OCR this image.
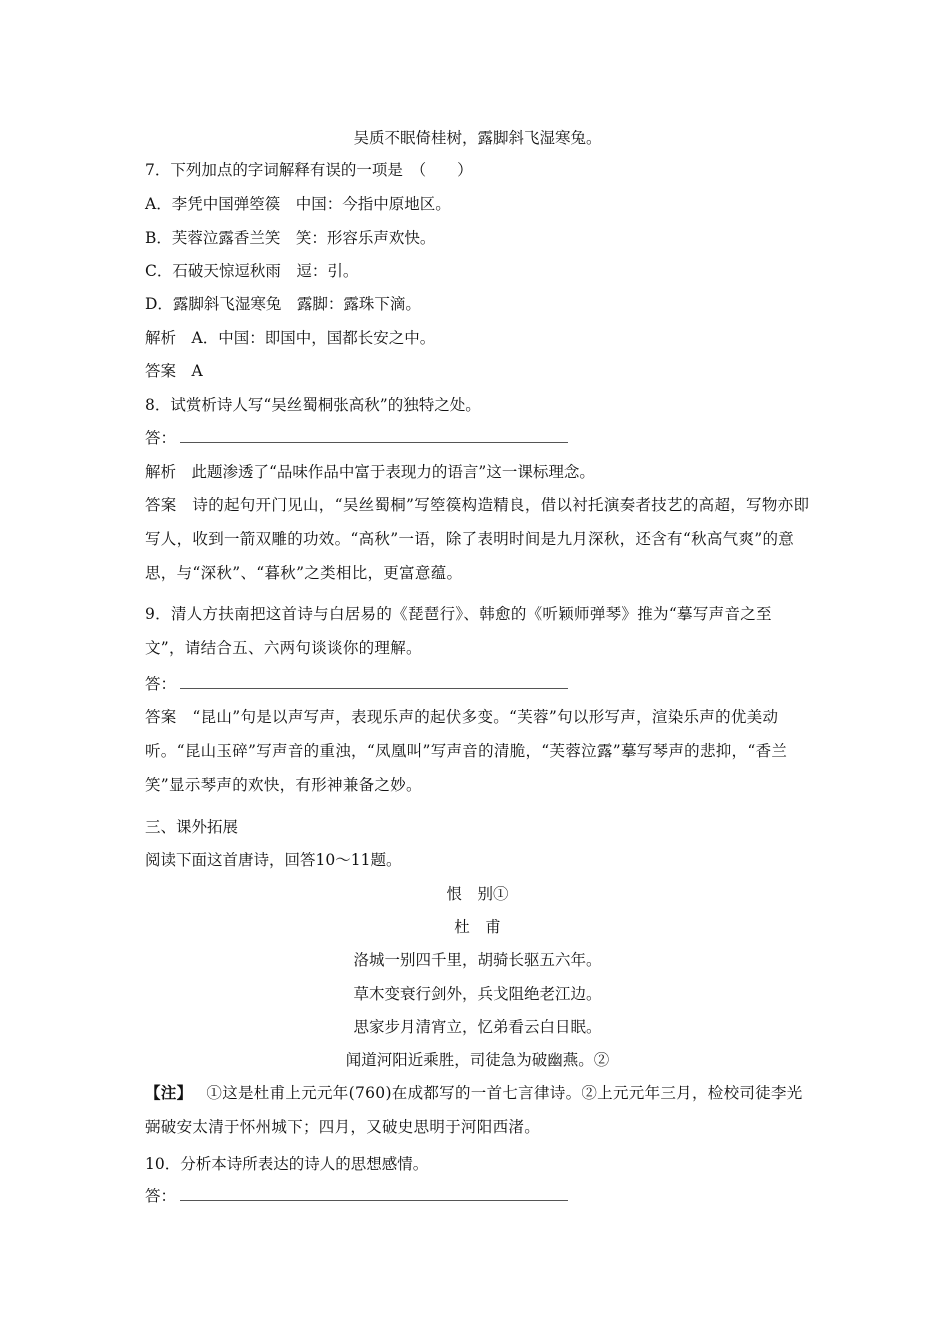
吴质不眠倚桂树，露脚斜飞湿寒兔。
7．下列加点的字词解释有误的一项是　（　　）
A．李凭中国弹箜篌　中国：今指中原地区。
B．芙蓉泣露香兰笑　笑：形容乐声欢快。
C．石破天惊逗秋雨　逗：引。
D．露脚斜飞湿寒兔　露脚：露珠下滴。
解析　A．中国：即国中，国都长安之中。
答案　A
8．试赏析诗人写“吴丝蜀桐张高秋”的独特之处。
答：
解析　此题渗透了“品味作品中富于表现力的语言”这一课标理念。
答案　诗的起句开门见山，“吴丝蜀桐”写箜篌构造精良，借以衬托演奏者技艺的高超，写物亦即写人，收到一箭双雕的功效。“高秋”一语，除了表明时间是九月深秋，还含有“秋高气爽”的意思，与“深秋”、“暮秋”之类相比，更富意蕴。
9．清人方扶南把这首诗与白居易的《琵琶行》、韩愈的《听颖师弹琴》推为“摹写声音之至文”，请结合五、六两句谈谈你的理解。
答：
答案　“昆山”句是以声写声，表现乐声的起伏多变。“芙蓉”句以形写声，渲染乐声的优美动听。“昆山玉碎”写声音的重浊，“凤凰叫”写声音的清脆，“芙蓉泣露”摹写琴声的悲抑，“香兰笑”显示琴声的欢快，有形神兼备之妙。
三、课外拓展
阅读下面这首唐诗，回答10～11题。
恨　别①
杜　甫
洛城一别四千里，胡骑长驱五六年。
草木变衰行剑外，兵戈阻绝老江边。
思家步月清宵立，忆弟看云白日眠。
闻道河阳近乘胜，司徒急为破幽燕。②
【注】 ①这是杜甫上元元年(760)在成都写的一首七言律诗。②上元元年三月，检校司徒李光弼破安太清于怀州城下；四月，又破史思明于河阳西渚。
10．分析本诗所表达的诗人的思想感情。
答：
